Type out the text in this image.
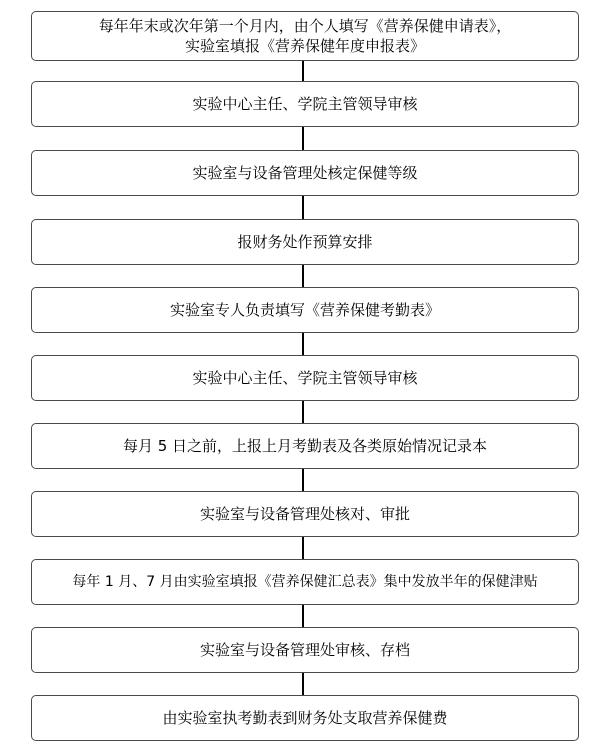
每年年末或次年第一个月内，由个人填写《营养保健申请表》，
实验室填报《营养保健年度申报表》
实验中心主任、学院主管领导审核
实验室与设备管理处核定保健等级
报财务处作预算安排
实验室专人负责填写《营养保健考勤表》
实验中心主任、学院主管领导审核
每月 5 日之前，上报上月考勤表及各类原始情况记录本
实验室与设备管理处核对、审批
每年 1 月、7 月由实验室填报《营养保健汇总表》集中发放半年的保健津贴
实验室与设备管理处审核、存档
由实验室执考勤表到财务处支取营养保健费
